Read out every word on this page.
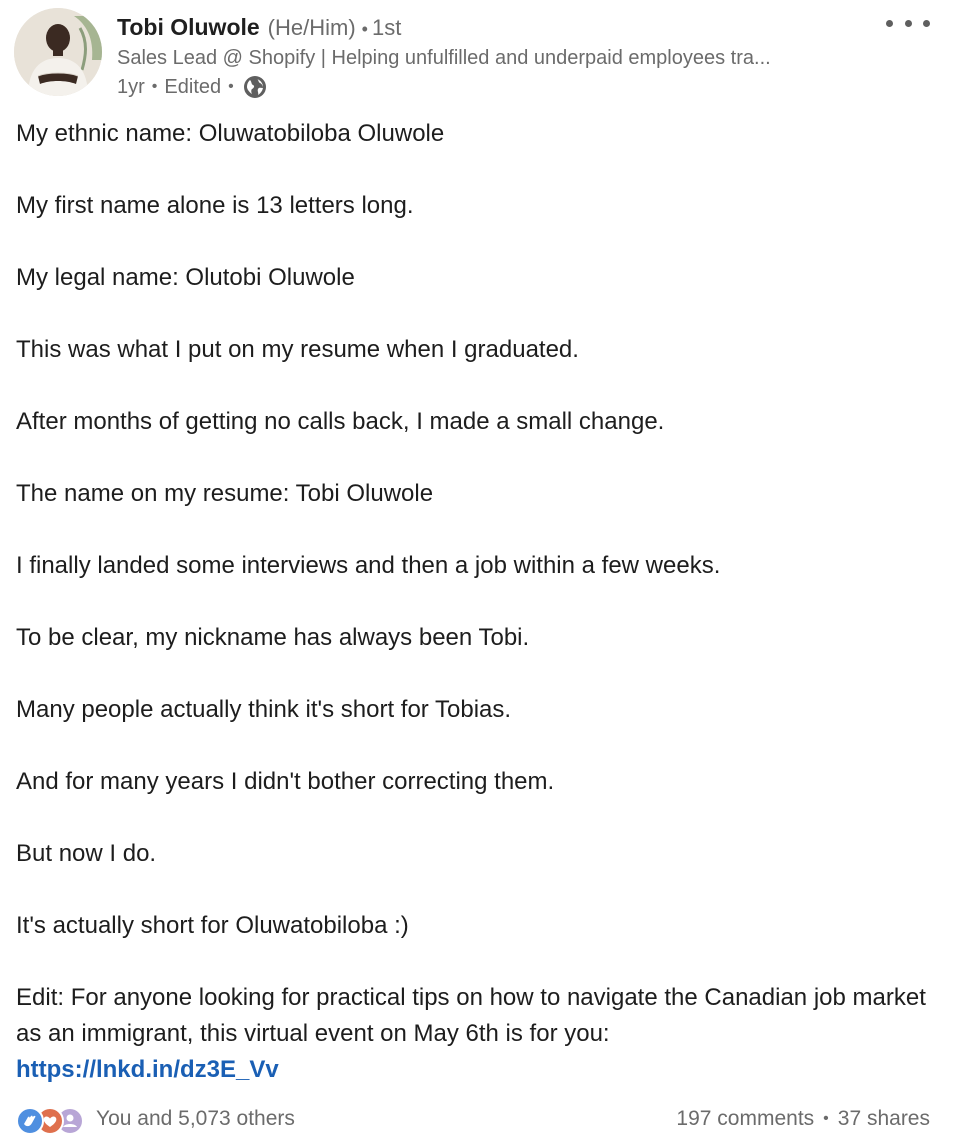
Tobi Oluwole (He/Him) • 1st
Sales Lead @ Shopify | Helping unfulfilled and underpaid employees tra...
1yr • Edited •

My ethnic name: Oluwatobiloba Oluwole

My first name alone is 13 letters long.

My legal name: Olutobi Oluwole

This was what I put on my resume when I graduated.

After months of getting no calls back, I made a small change.

The name on my resume: Tobi Oluwole

I finally landed some interviews and then a job within a few weeks.

To be clear, my nickname has always been Tobi.

Many people actually think it's short for Tobias.

And for many years I didn't bother correcting them.

But now I do.

It's actually short for Oluwatobiloba :)

Edit: For anyone looking for practical tips on how to navigate the Canadian job market as an immigrant, this virtual event on May 6th is for you:
https://lnkd.in/dz3E_Vv

You and 5,073 others	197 comments • 37 shares
